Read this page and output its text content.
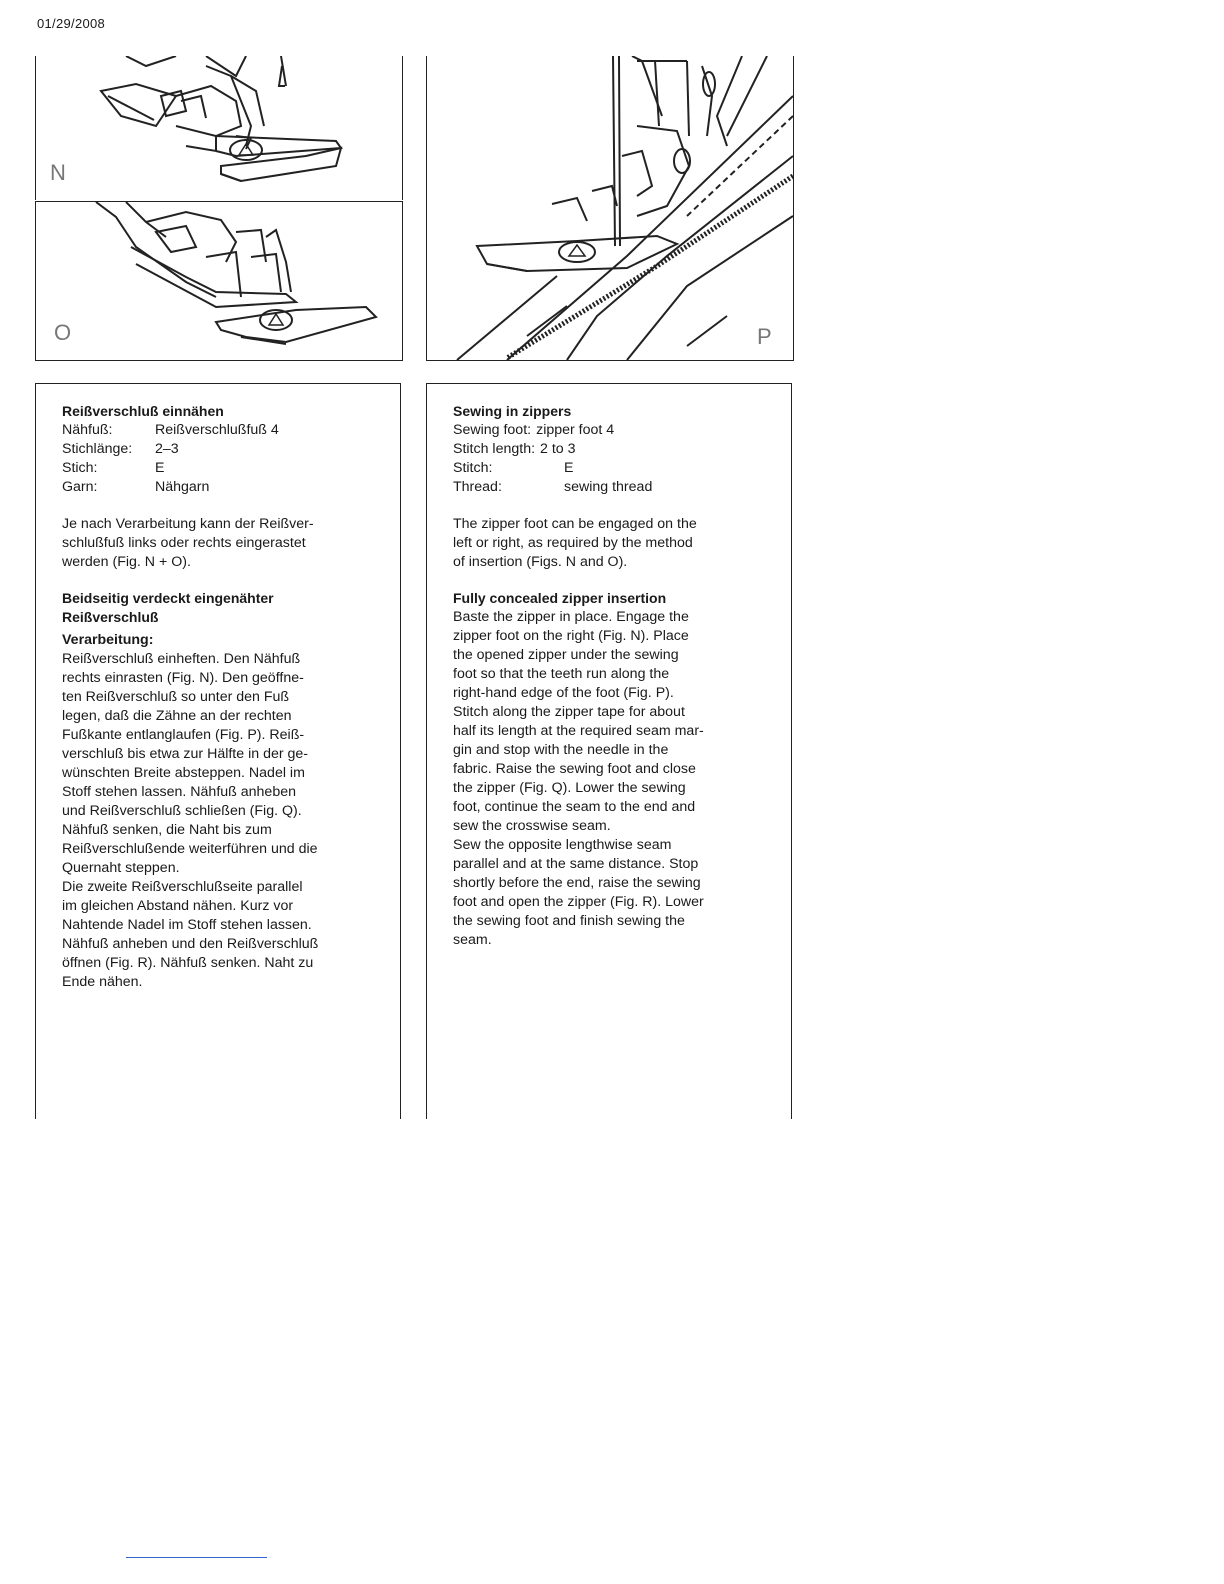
01/29/2008
N
O	P
Reißverschluß einnähen
Nähfuß:	Reißverschlußfuß 4
Stichlänge:	2–3
Stich:	E
Garn:	Nähgarn
Je nach Verarbeitung kann der Reißver-
schlußfuß links oder rechts eingerastet
werden (Fig. N + O).
Beidseitig verdeckt eingenähter
Reißverschluß
Verarbeitung:
Reißverschluß einheften. Den Nähfuß
rechts einrasten (Fig. N). Den geöffne-
ten Reißverschluß so unter den Fuß
legen, daß die Zähne an der rechten
Fußkante entlanglaufen (Fig. P). Reiß-
verschluß bis etwa zur Hälfte in der ge-
wünschten Breite absteppen. Nadel im
Stoff stehen lassen. Nähfuß anheben
und Reißverschluß schließen (Fig. Q).
Nähfuß senken, die Naht bis zum
Reißverschlußende weiterführen und die
Quernaht steppen.
Die zweite Reißverschlußseite parallel
im gleichen Abstand nähen. Kurz vor
Nahtende Nadel im Stoff stehen lassen.
Nähfuß anheben und den Reißverschluß
öffnen (Fig. R). Nähfuß senken. Naht zu
Ende nähen.
Sewing in zippers
Sewing foot: zipper foot 4
Stitch length: 2 to 3
Stitch:	E
Thread:	sewing thread
The zipper foot can be engaged on the
left or right, as required by the method
of insertion (Figs. N and O).
Fully concealed zipper insertion
Baste the zipper in place. Engage the
zipper foot on the right (Fig. N). Place
the opened zipper under the sewing
foot so that the teeth run along the
right-hand edge of the foot (Fig. P).
Stitch along the zipper tape for about
half its length at the required seam mar-
gin and stop with the needle in the
fabric. Raise the sewing foot and close
the zipper (Fig. Q). Lower the sewing
foot, continue the seam to the end and
sew the crosswise seam.
Sew the opposite lengthwise seam
parallel and at the same distance. Stop
shortly before the end, raise the sewing
foot and open the zipper (Fig. R). Lower
the sewing foot and finish sewing the
seam.
